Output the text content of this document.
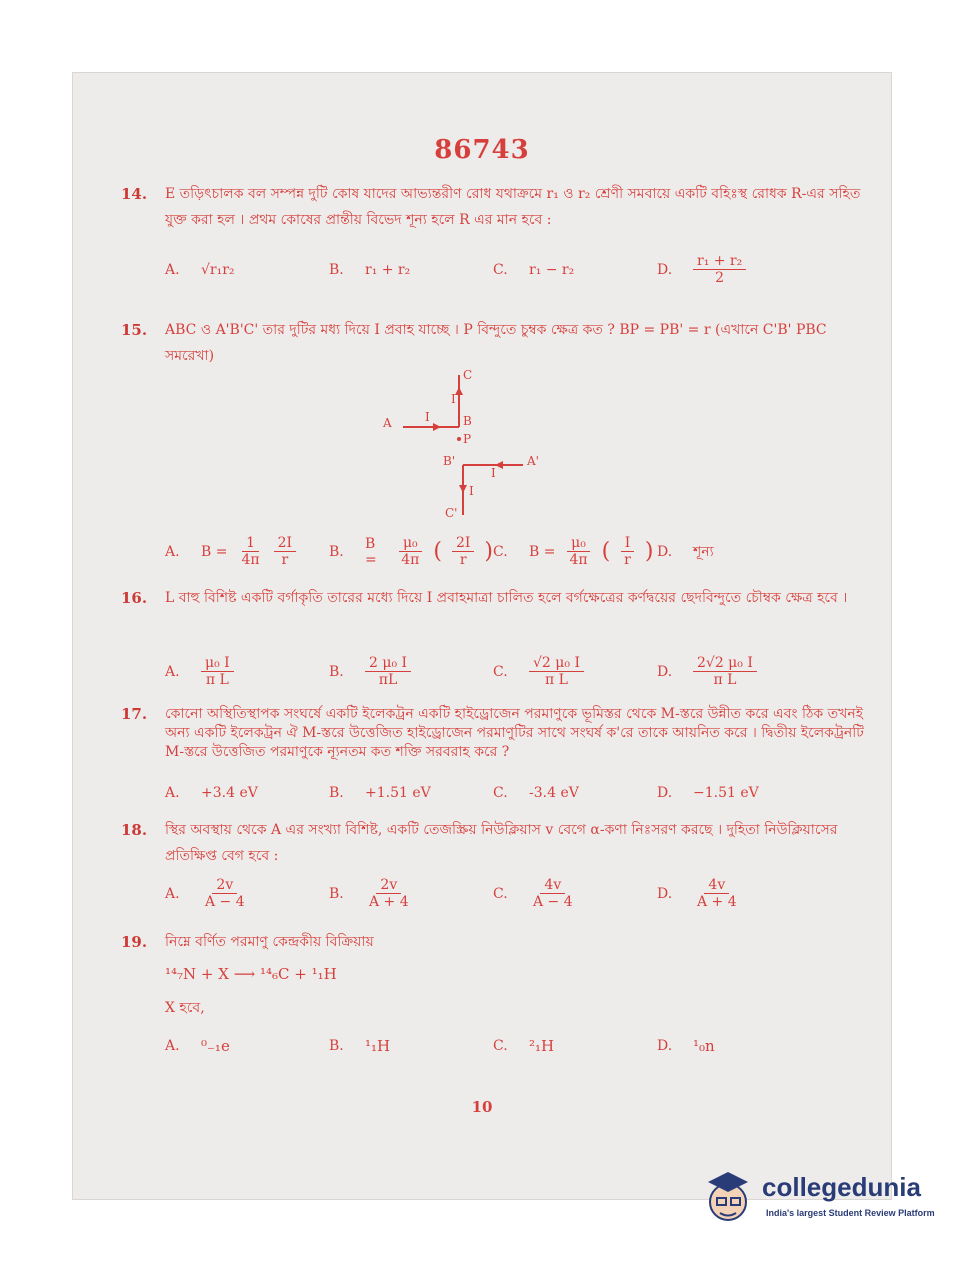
86743
14. E তড়িৎচালক বল সম্পন্ন দুটি কোষ যাদের আভ্যন্তরীণ রোধ যথাক্রমে r₁ ও r₂ শ্রেণী সমবায়ে একটি বহিঃস্থ রোধক R-এর সহিত যুক্ত করা হল । প্রথম কোষের প্রান্তীয় বিভেদ শূন্য হলে R এর মান হবে :
A.	√r₁r₂	B.	r₁ + r₂	C.	r₁ − r₂	D.	$\frac{\text{r₁ + r₂}}{2}$
15. ABC ও A'B'C' তার দুটির মধ্য দিয়ে I প্রবাহ যাচ্ছে । P বিন্দুতে চুম্বক ক্ষেত্র কত ? BP = PB' = r (এখানে C'B' PBC সমরেখা)
C
I
B
P
A	I
B'	A'
I
I
C'
A.	$B = \frac{1}{4\pi} \frac{2I}{r} B$.	B =	$\frac{\text{μ₀}}{4\pi}$ ( $\frac{2I}{r}$ ) C.	$B = \frac{\text{μ₀}}{4\pi}$ ( $\frac{I}{r}$ ) D.	শূন্য
16. L বাহু বিশিষ্ট একটি বর্গাকৃতি তারের মধ্যে দিয়ে I প্রবাহমাত্রা চালিত হলে বর্গক্ষেত্রের কর্ণদ্বয়ের ছেদবিন্দুতে চৌম্বক ক্ষেত্র হবে ।
A.	$\frac{\text{μ₀ I}}{\text{π L}}$	B.	$\frac{\text{2 μ₀ I}}{\pi L}$	C.	$\frac{\text{√2 μ₀ I}}{\text{π L}}$	D.	$\frac{\text{2√2 μ₀ I}}{\text{π L}}$
17. কোনো অস্থিতিস্থাপক সংঘর্ষে একটি ইলেকট্রন একটি হাইড্রোজেন পরমাণুকে ভূমিস্তর থেকে M-স্তরে উন্নীত করে এবং ঠিক তখনই অন্য একটি ইলেকট্রন ঐ M-স্তরে উত্তেজিত হাইড্রোজেন পরমাণুটির সাথে সংঘর্ষ ক'রে তাকে আয়নিত করে । দ্বিতীয় ইলেকট্রনটি M-স্তরে উত্তেজিত পরমাণুকে ন্যূনতম কত শক্তি সরবরাহ করে ?
A.	+3.4 eV	B.	+1.51 eV	C.	-3.4 eV	D.	−1.51 eV
18. স্থির অবস্থায় থেকে A এর সংখ্যা বিশিষ্ট, একটি তেজস্ক্রিয় নিউক্লিয়াস v বেগে α-কণা নিঃসরণ করছে । দুহিতা নিউক্লিয়াসের প্রতিক্ষিপ্ত বেগ হবে :
A.	$\frac{2v}{A - 4}$	B.	$\frac{2v}{A + 4}$	C.	$\frac{4v}{A - 4}$	D.	$\frac{4v}{A + 4}$
19. নিম্নে বর্ণিত পরমাণু কেন্দ্রকীয় বিক্রিয়ায়
¹⁴₇N + X ⟶ ¹⁴₆C + ¹₁H
X হবে,
A.	⁰₋₁e	B.	¹₁H	C.	²₁H	D.	¹₀n
10
collegedunia
India's largest Student Review Platform
